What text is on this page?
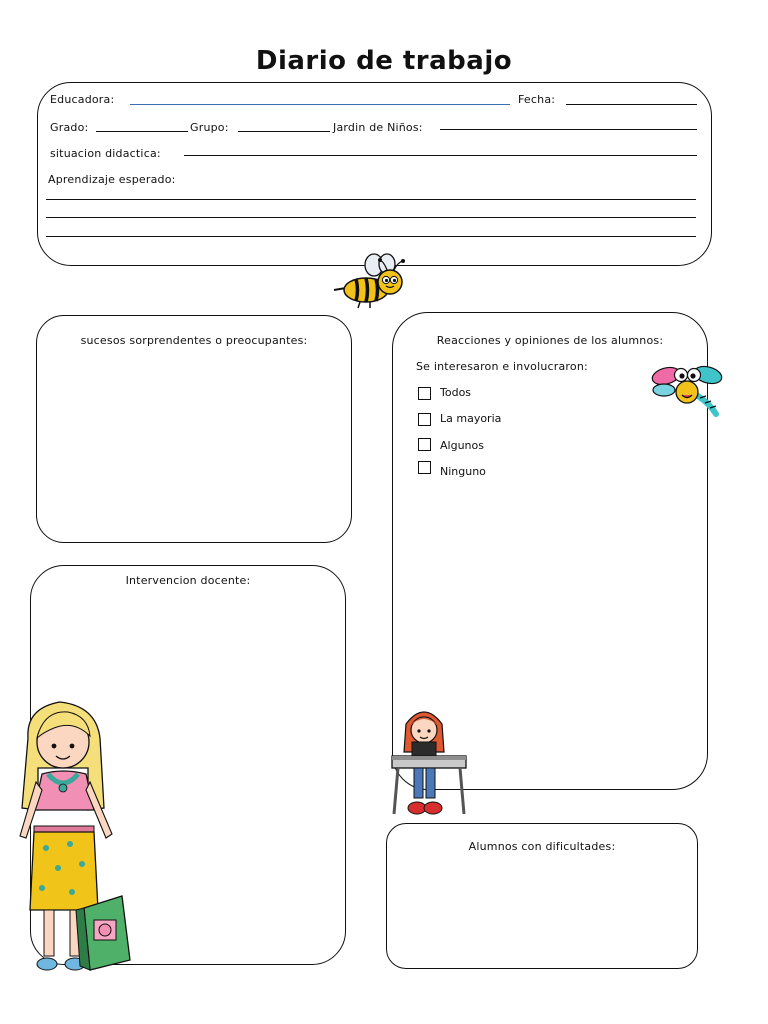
Diario de trabajo
Educadora:	Fecha:
Grado:	Grupo:	Jardin de Niños:
situacion didactica:
Aprendizaje esperado:
sucesos sorprendentes o preocupantes:	Reacciones y opiniones de los alumnos:
Se interesaron e involucraron:
Todos
La mayoria
Algunos
Ninguno
Intervencion docente:
Alumnos con dificultades:
